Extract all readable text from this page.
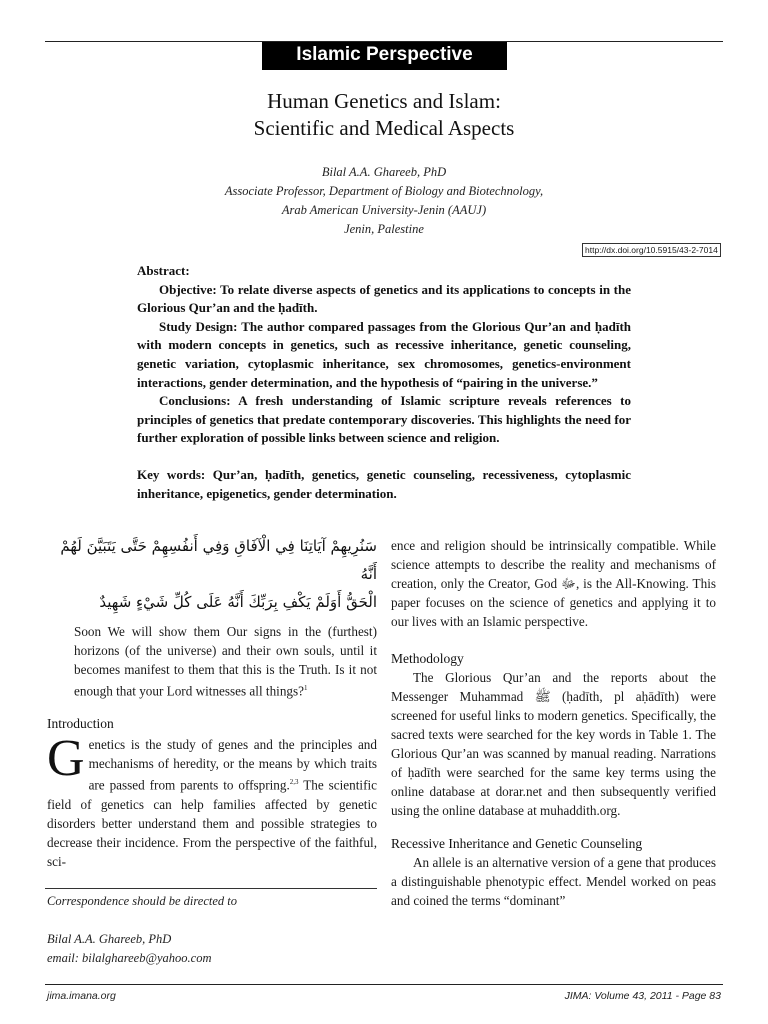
Islamic Perspective
Human Genetics and Islam:
Scientific and Medical Aspects
Bilal A.A. Ghareeb, PhD
Associate Professor, Department of Biology and Biotechnology,
Arab American University-Jenin (AAUJ)
Jenin, Palestine
http://dx.doi.org/10.5915/43-2-7014

Abstract:

Objective: To relate diverse aspects of genetics and its applications to concepts in the Glorious Qur’an and the ḥadīth.

Study Design: The author compared passages from the Glorious Qur’an and ḥadīth with modern concepts in genetics, such as recessive inheritance, genetic counseling, genetic variation, cytoplasmic inheritance, sex chromosomes, genetics-environment interactions, gender determination, and the hypothesis of “pairing in the universe.”

Conclusions: A fresh understanding of Islamic scripture reveals references to principles of genetics that predate contemporary discoveries. This highlights the need for further exploration of possible links between science and religion.

Key words: Qur’an, ḥadīth, genetics, genetic counseling, recessiveness, cytoplasmic inheritance, epigenetics, gender determination.

سَنُرِيهِمْ آيَاتِنَا فِي الْآفَاقِ وَفِي أَنفُسِهِمْ حَتَّى يَتَبَيَّنَ لَهُمْ أَنَّهُ
الْحَقُّ أَوَلَمْ يَكْفِ بِرَبِّكَ أَنَّهُ عَلَى كُلِّ شَيْءٍ شَهِيدٌ

Soon We will show them Our signs in the (furthest) horizons (of the universe) and their own souls, until it becomes manifest to them that this is the Truth. Is it not enough that your Lord witnesses all things?$^1$

Introduction

Genetics is the study of genes and the principles and mechanisms of heredity, or the means by which traits are passed from parents to offspring.$^{2,3}$ The scientific field of genetics can help families affected by genetic disorders better understand them and possible strategies to decrease their incidence. From the perspective of the faithful, sci-

ence and religion should be intrinsically compatible. While science attempts to describe the reality and mechanisms of creation, only the Creator, God ﷻ, is the All-Knowing. This paper focuses on the science of genetics and applying it to our lives with an Islamic perspective.

Methodology

The Glorious Qur’an and the reports about the Messenger Muhammad ﷺ (ḥadīth, pl aḥādīth) were screened for useful links to modern genetics. Specifically, the sacred texts were searched for the key words in Table 1. The Glorious Qur’an was scanned by manual reading. Narrations of ḥadīth were searched for the same key terms using the online database at dorar.net and then subsequently verified using the online database at muhaddith.org.

Recessive Inheritance and Genetic Counseling

An allele is an alternative version of a gene that produces a distinguishable phenotypic effect. Mendel worked on peas and coined the terms “dominant”

Correspondence should be directed to
Bilal A.A. Ghareeb, PhD
email: bilalghareeb@yahoo.com
jima.imana.org	JIMA: Volume 43, 2011 - Page 83
